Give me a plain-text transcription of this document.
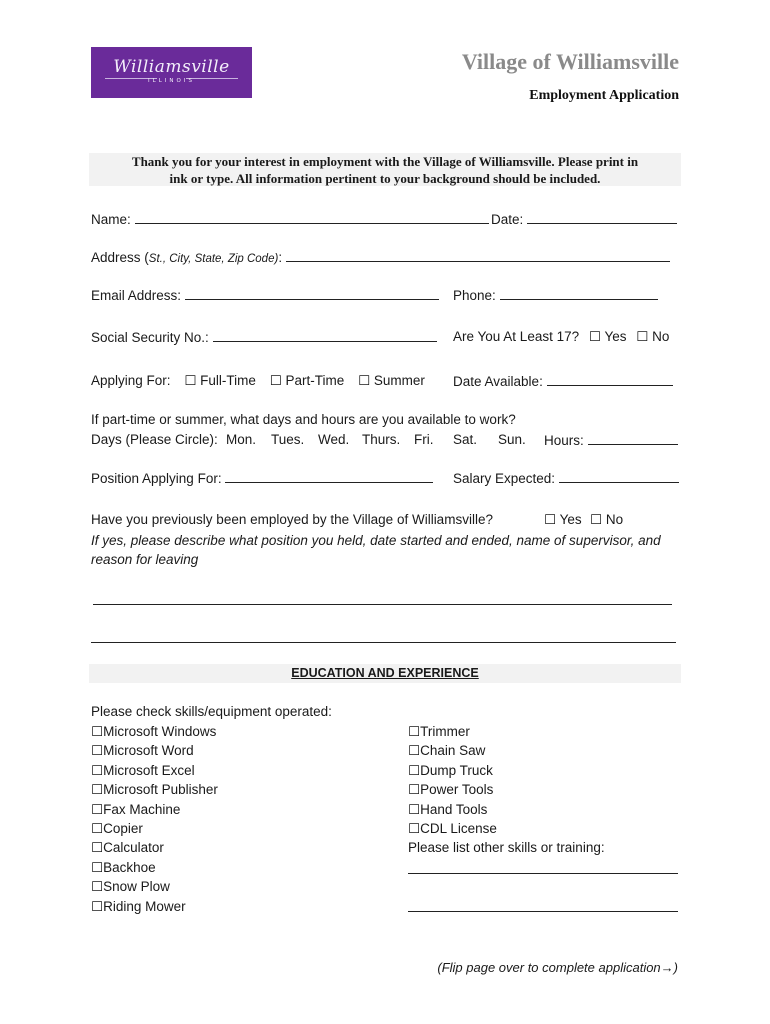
Williamsville
ILLINOIS
Village of Williamsville
Employment Application
Thank you for your interest in employment with the Village of Williamsville. Please print in
ink or type. All information pertinent to your background should be included.
Name:	Date:
Address (St., City, State, Zip Code):
Email Address:	Phone:
Social Security No.:	Are You At Least 17? ☐ Yes ☐ No
Applying For: ☐ Full-Time ☐ Part-Time ☐ Summer Date Available:
If part-time or summer, what days and hours are you available to work?
Days (Please Circle): Mon. Tues. Wed. Thurs. Fri. Sat. Sun. Hours:
Position Applying For:	Salary Expected:
Have you previously been employed by the Village of Williamsville?	☐ Yes ☐ No
If yes, please describe what position you held, date started and ended, name of supervisor, and
reason for leaving
EDUCATION AND EXPERIENCE
Please check skills/equipment operated:
☐Microsoft Windows
☐Microsoft Word
☐Microsoft Excel
☐Microsoft Publisher
☐Fax Machine
☐Copier
☐Calculator
☐Backhoe
☐Snow Plow
☐Riding Mower
☐Trimmer
☐Chain Saw
☐Dump Truck
☐Power Tools
☐Hand Tools
☐CDL License
Please list other skills or training:
(Flip page over to complete application→)
